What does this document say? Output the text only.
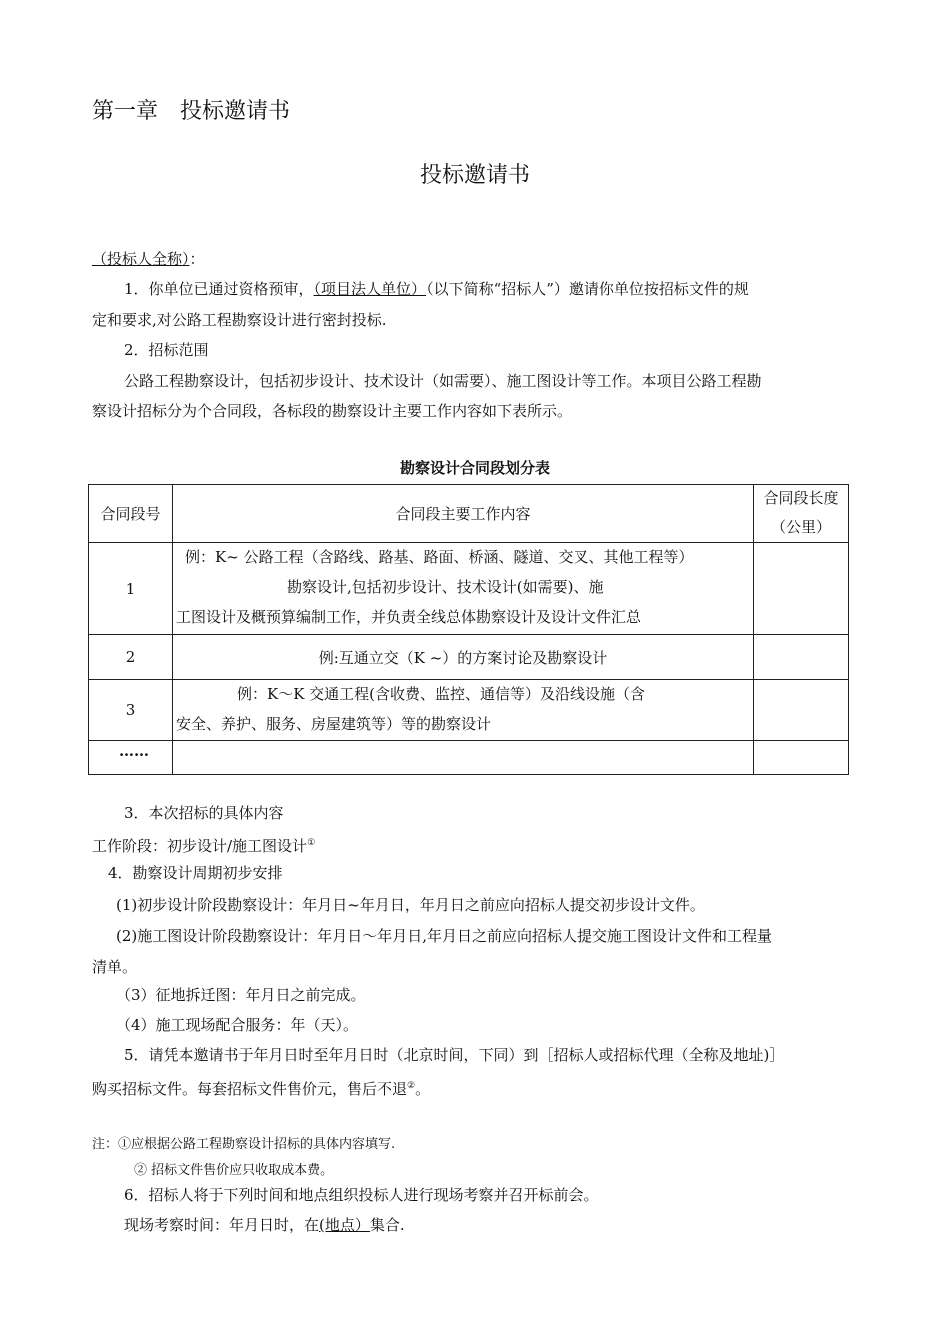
第一章　投标邀请书
投标邀请书
（投标人全称）：
1．你单位已通过资格预审，（项目法人单位）（以下简称“招标人”）邀请你单位按招标文件的规
定和要求,对公路工程勘察设计进行密封投标.
2．招标范围
公路工程勘察设计，包括初步设计、技术设计（如需要）、施工图设计等工作。本项目公路工程勘
察设计招标分为个合同段，各标段的勘察设计主要工作内容如下表所示。
勘察设计合同段划分表
合同段号	合同段主要工作内容	合同段长度
（公里）

1	例：K~ 公路工程（含路线、路基、路面、桥涵、隧道、交叉、其他工程等）
勘察设计,包括初步设计、技术设计(如需要)、施
工图设计及概预算编制工作，并负责全线总体勘察设计及设计文件汇总	

2	例:互通立交（K ~）的方案讨论及勘察设计	
3	例：K～K 交通工程(含收费、监控、通信等）及沿线设施（含
安全、养护、服务、房屋建筑等）等的勘察设计	

……		

3．本次招标的具体内容
工作阶段：初步设计/施工图设计①
4．勘察设计周期初步安排
(1)初步设计阶段勘察设计：年月日~年月日，年月日之前应向招标人提交初步设计文件。
(2)施工图设计阶段勘察设计：年月日～年月日,年月日之前应向招标人提交施工图设计文件和工程量
清单。
（3）征地拆迁图：年月日之前完成。
（4）施工现场配合服务：年（天）。
5．请凭本邀请书于年月日时至年月日时（北京时间，下同）到［招标人或招标代理（全称及地址)］
购买招标文件。每套招标文件售价元，售后不退②。
注：①应根据公路工程勘察设计招标的具体内容填写.
② 招标文件售价应只收取成本费。
6．招标人将于下列时间和地点组织投标人进行现场考察并召开标前会。
现场考察时间：年月日时，在(地点）集合.
